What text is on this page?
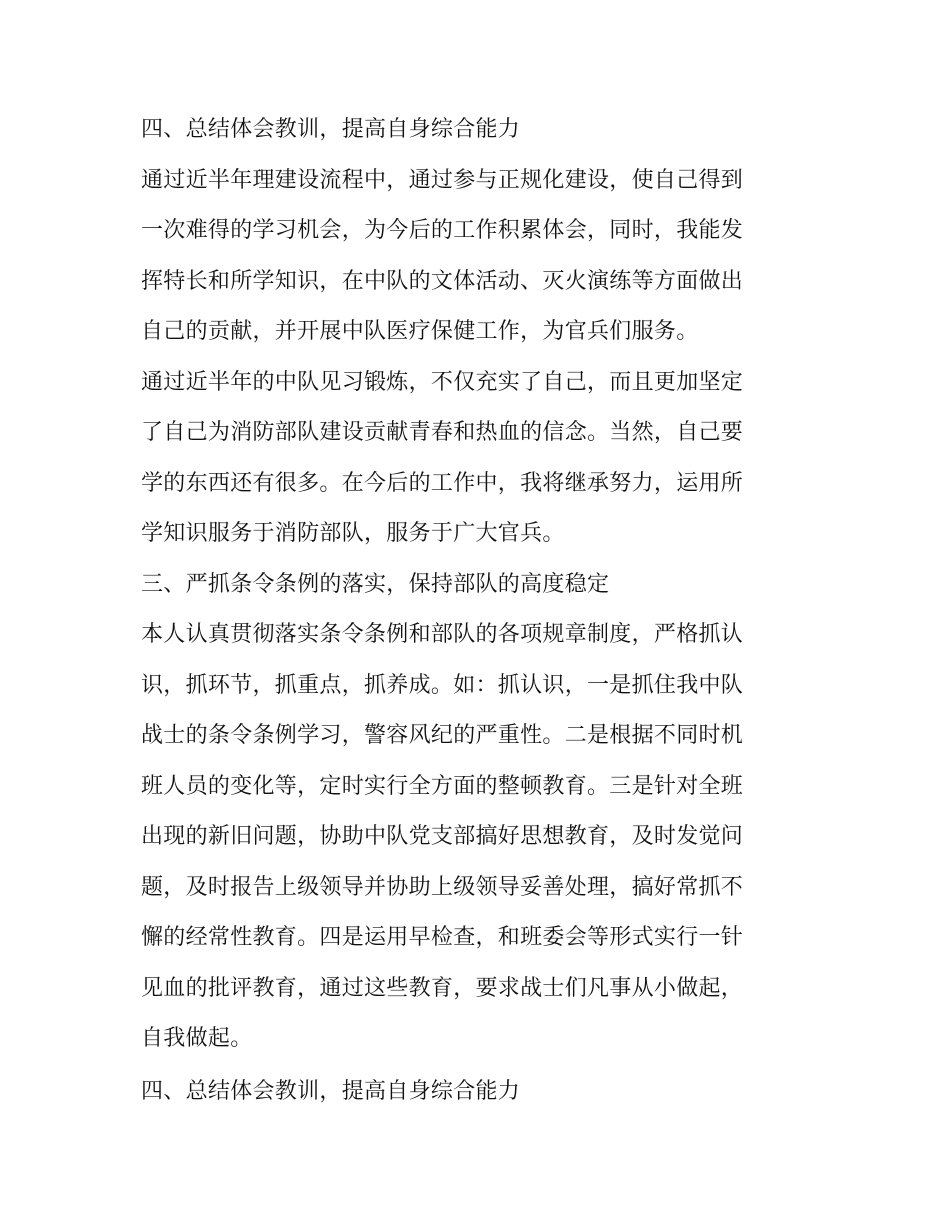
四、总结体会教训，提高自身综合能力
通过近半年理建设流程中，通过参与正规化建设，使自己得到
一次难得的学习机会，为今后的工作积累体会，同时，我能发
挥特长和所学知识，在中队的文体活动、灭火演练等方面做出
自己的贡献，并开展中队医疗保健工作，为官兵们服务。
通过近半年的中队见习锻炼，不仅充实了自己，而且更加坚定
了自己为消防部队建设贡献青春和热血的信念。当然，自己要
学的东西还有很多。在今后的工作中，我将继承努力，运用所
学知识服务于消防部队，服务于广大官兵。
三、严抓条令条例的落实，保持部队的高度稳定
本人认真贯彻落实条令条例和部队的各项规章制度，严格抓认
识，抓环节，抓重点，抓养成。如：抓认识，一是抓住我中队
战士的条令条例学习，警容风纪的严重性。二是根据不同时机
班人员的变化等，定时实行全方面的整顿教育。三是针对全班
出现的新旧问题，协助中队党支部搞好思想教育，及时发觉问
题，及时报告上级领导并协助上级领导妥善处理，搞好常抓不
懈的经常性教育。四是运用早检查，和班委会等形式实行一针
见血的批评教育，通过这些教育，要求战士们凡事从小做起，
自我做起。
四、总结体会教训，提高自身综合能力
